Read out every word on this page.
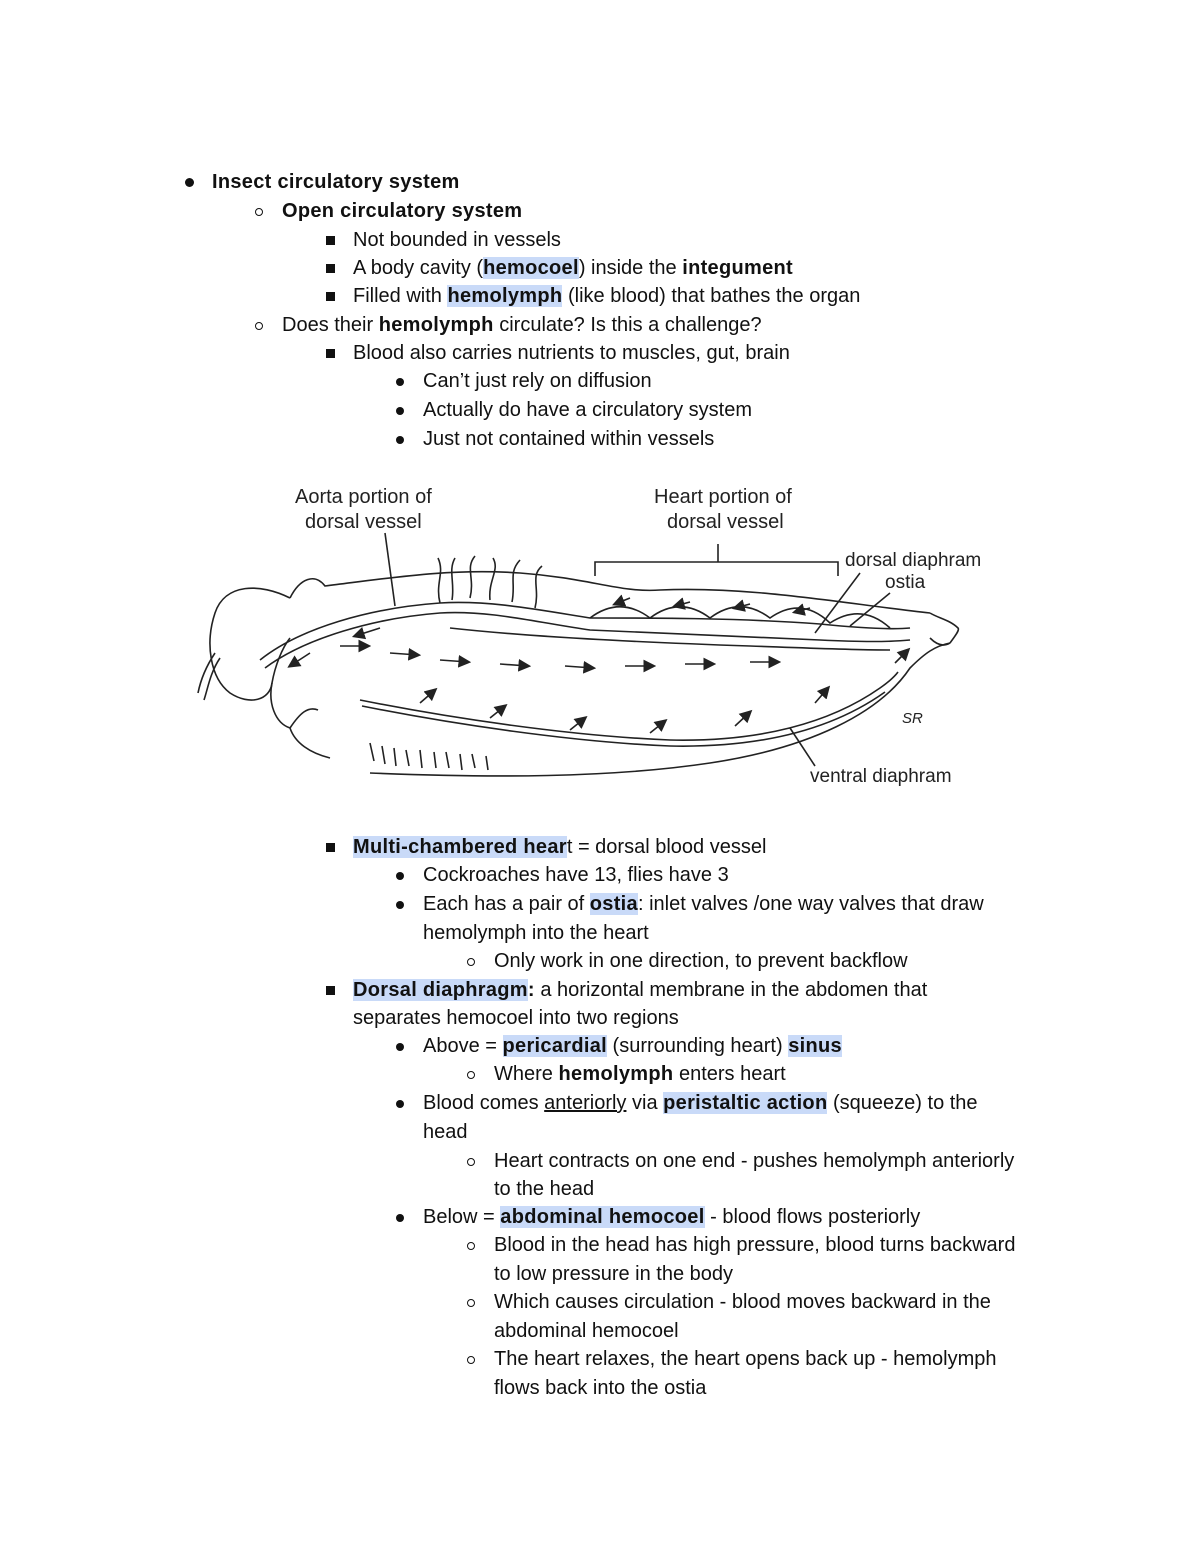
Insect circulatory system
Open circulatory system
Not bounded in vessels
A body cavity (hemocoel) inside the integument
Filled with hemolymph (like blood) that bathes the organ
Does their hemolymph circulate? Is this a challenge?
Blood also carries nutrients to muscles, gut, brain
Can’t just rely on diffusion
Actually do have a circulatory system
Just not contained within vessels
Multi-chambered heart = dorsal blood vessel
Cockroaches have 13, flies have 3
Each has a pair of ostia: inlet valves /one way valves that draw
hemolymph into the heart
Only work in one direction, to prevent backflow
Dorsal diaphragm: a horizontal membrane in the abdomen that
separates hemocoel into two regions
Above = pericardial (surrounding heart) sinus
Where hemolymph enters heart
Blood comes anteriorly via peristaltic action (squeeze) to the
head
Heart contracts on one end - pushes hemolymph anteriorly
to the head
Below = abdominal hemocoel - blood flows posteriorly
Blood in the head has high pressure, blood turns backward
to low pressure in the body
Which causes circulation - blood moves backward in the
abdominal hemocoel
The heart relaxes, the heart opens back up - hemolymph
flows back into the ostia
Aorta portion of
dorsal vessel
Heart portion of
dorsal vessel
dorsal diaphram
ostia
ventral diaphram
SR
